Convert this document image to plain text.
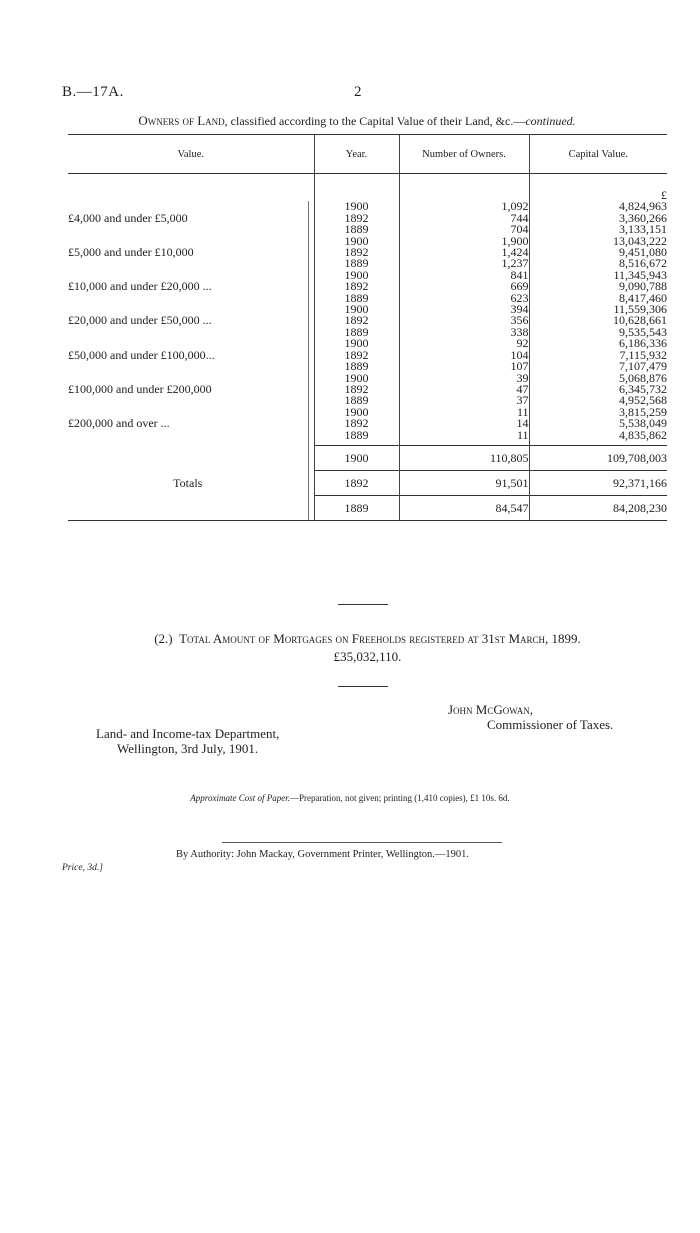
B.—17A.	2
Owners of Land, classified according to the Capital Value of their Land, &c.—continued.
Value.		Year.	Number of Owners.	Capital Value.

				£
		1900	1,092	4,824,963
£4,000 and under £5,000		1892	744	3,360,266
		1889	704	3,133,151
		1900	1,900	13,043,222
£5,000 and under £10,000		1892	1,424	9,451,080
		1889	1,237	8,516,672
		1900	841	11,345,943
£10,000 and under £20,000 ...		1892	669	9,090,788
		1889	623	8,417,460
		1900	394	11,559,306
£20,000 and under £50,000 ...		1892	356	10,628,661
		1889	338	9,535,543
		1900	92	6,186,336
£50,000 and under £100,000...		1892	104	7,115,932
		1889	107	7,107,479
		1900	39	5,068,876
£100,000 and under £200,000		1892	47	6,345,732
		1889	37	4,952,568
		1900	11	3,815,259
£200,000 and over ...		1892	14	5,538,049
		1889	11	4,835,862

		1900	110,805	109,708,003
Totals		1892	91,501	92,371,166
		1889	84,547	84,208,230
(2.) Total Amount of Mortgages on Freeholds registered at 31st March, 1899.
£35,032,110.
John McGowan,
Commissioner of Taxes.
Land- and Income-tax Department,
Wellington, 3rd July, 1901.
Approximate Cost of Paper.—Preparation, not given; printing (1,410 copies), £1 10s. 6d.
By Authority: John Mackay, Government Printer, Wellington.—1901.
Price, 3d.]
